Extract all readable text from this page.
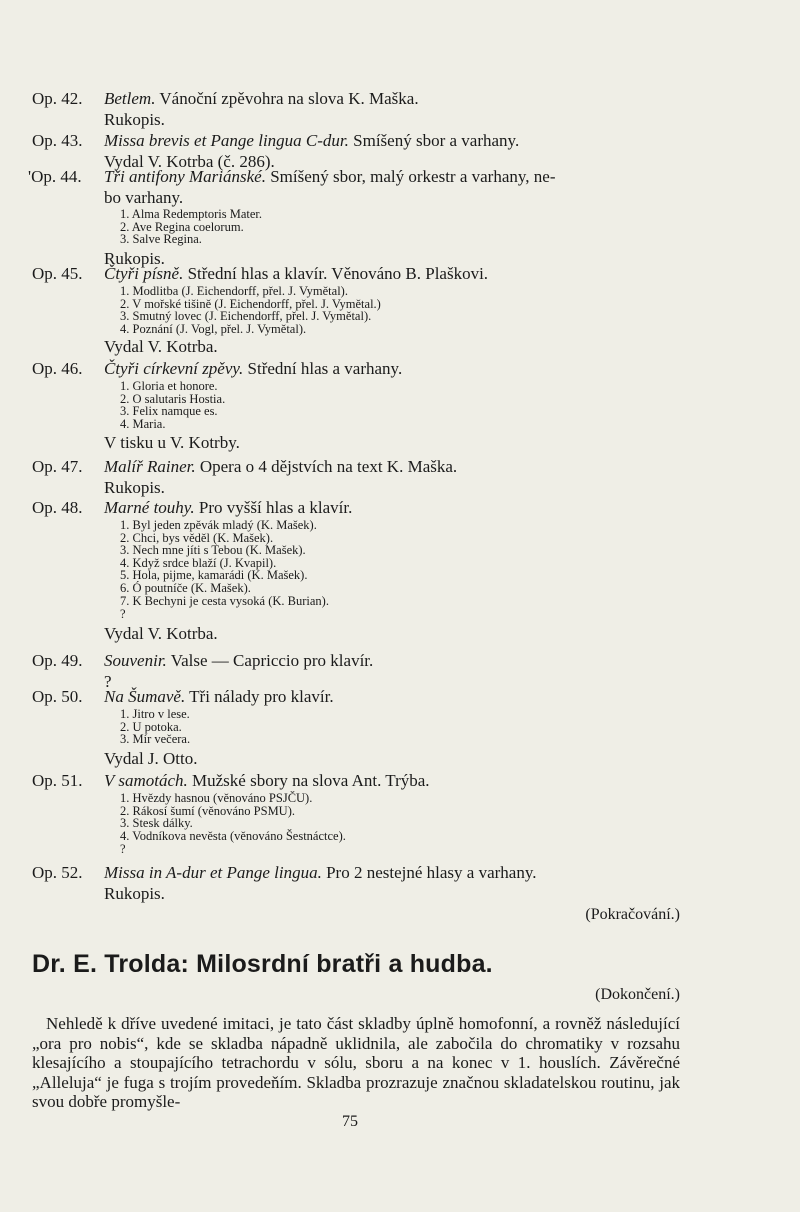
Op. 42. Betlem. Vánoční zpěvohra na slova K. Maška.
Rukopis.
Op. 43. Missa brevis et Pange lingua C-dur. Smíšený sbor a varhany.
Vydal V. Kotrba (č. 286).
'Op. 44. Tři antifony Mariánské. Smíšený sbor, malý orkestr a varhany, ne-
bo varhany.
1. Alma Redemptoris Mater.
2. Ave Regina coelorum.
3. Salve Regina.
Rukopis.
Op. 45. Čtyři písně. Střední hlas a klavír. Věnováno B. Plaškovi.
1. Modlitba (J. Eichendorff, přel. J. Vymětal).
2. V mořské tišině (J. Eichendorff, přel. J. Vymětal.)
3. Smutný lovec (J. Eichendorff, přel. J. Vymětal).
4. Poznání (J. Vogl, přel. J. Vymětal).
Vydal V. Kotrba.
Op. 46. Čtyři církevní zpěvy. Střední hlas a varhany.
1. Gloria et honore.
2. O salutaris Hostia.
3. Felix namque es.
4. Maria.
V tisku u V. Kotrby.
Op. 47. Malíř Rainer. Opera o 4 dějstvích na text K. Maška.
Rukopis.
Op. 48. Marné touhy. Pro vyšší hlas a klavír.
1. Byl jeden zpěvák mladý (K. Mašek).
2. Chci, bys věděl (K. Mašek).
3. Nech mne jíti s Tebou (K. Mašek).
4. Když srdce blaží (J. Kvapil).
5. Hola, pijme, kamarádi (K. Mašek).
6. Ó poutníče (K. Mašek).
7. K Bechyni je cesta vysoká (K. Burian).
?
Vydal V. Kotrba.
Op. 49. Souvenir. Valse — Capriccio pro klavír.
?
Op. 50. Na Šumavě. Tři nálady pro klavír.
1. Jitro v lese.
2. U potoka.
3. Mír večera.
Vydal J. Otto.
Op. 51. V samotách. Mužské sbory na slova Ant. Trýba.
1. Hvězdy hasnou (věnováno PSJČU).
2. Rákosí šumí (věnováno PSMU).
3. Stesk dálky.
4. Vodníkova nevěsta (věnováno Šestnáctce).
?
Op. 52. Missa in A-dur et Pange lingua. Pro 2 nestejné hlasy a varhany.
Rukopis.
(Pokračování.)
Dr. E. Trolda: Milosrdní bratři a hudba.
(Dokončení.)
Nehledě k dříve uvedené imitaci, je tato část skladby úplně homofonní, a rovněž následující „ora pro nobis“, kde se skladba nápadně uklidnila, ale zabočila do chromatiky v rozsahu klesajícího a stoupajícího tetrachordu v sólu, sboru a na konec v 1. houslích. Závěrečné „Alleluja“ je fuga s trojím provedeňím. Skladba prozrazuje značnou skladatelskou routinu, jak svou dobře promyšle-
75
